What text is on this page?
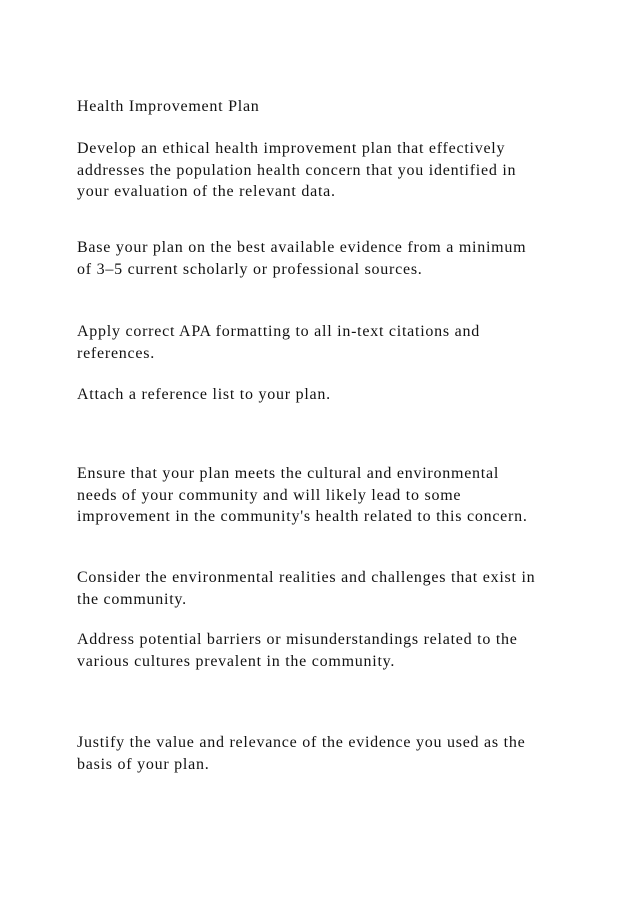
Health Improvement Plan

Develop an ethical health improvement plan that effectively
addresses the population health concern that you identified in
your evaluation of the relevant data.

Base your plan on the best available evidence from a minimum
of 3–5 current scholarly or professional sources.

Apply correct APA formatting to all in-text citations and
references.

Attach a reference list to your plan.

Ensure that your plan meets the cultural and environmental
needs of your community and will likely lead to some
improvement in the community's health related to this concern.

Consider the environmental realities and challenges that exist in
the community.

Address potential barriers or misunderstandings related to the
various cultures prevalent in the community.

Justify the value and relevance of the evidence you used as the
basis of your plan.
